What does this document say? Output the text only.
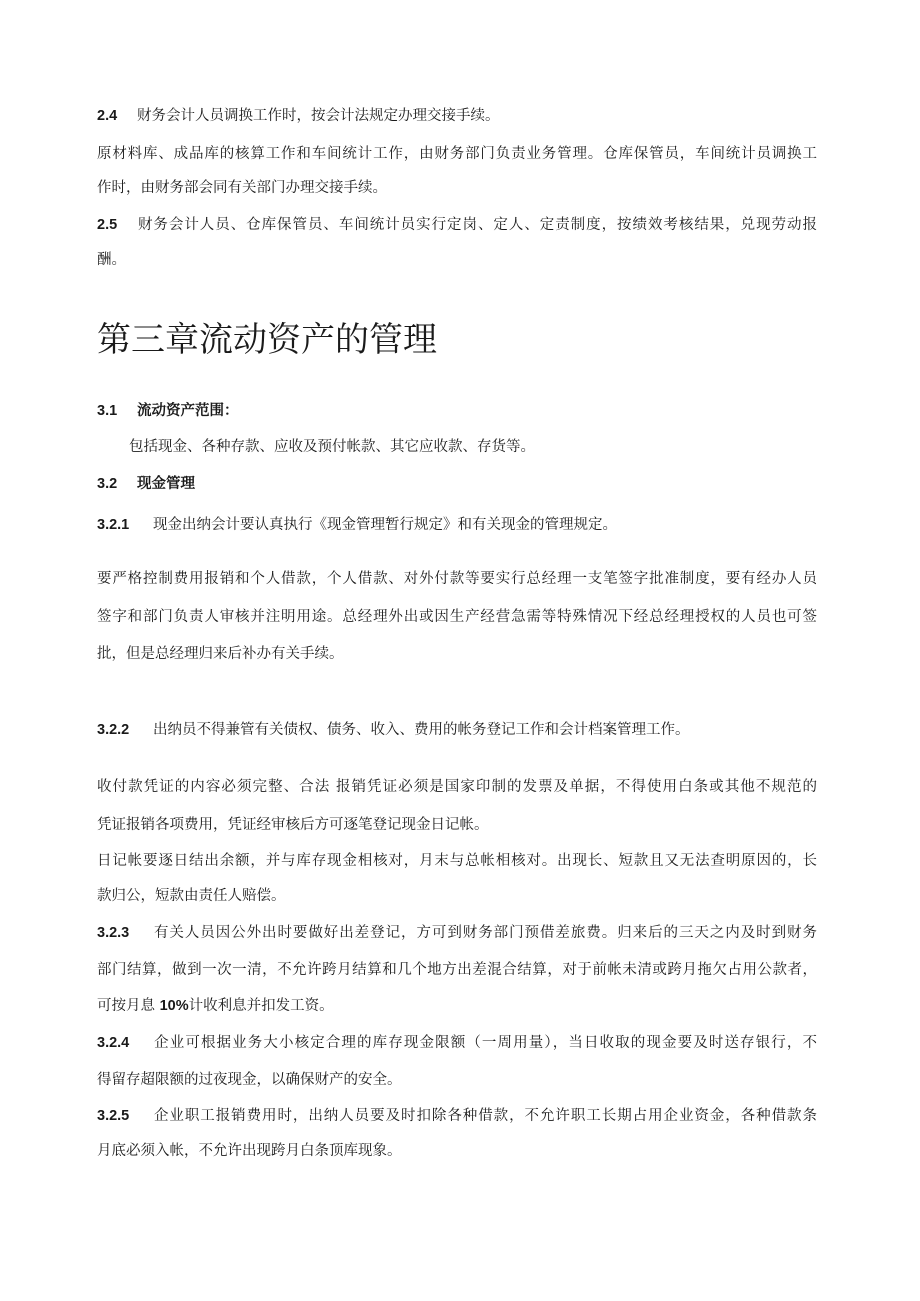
2.4 财务会计人员调换工作时，按会计法规定办理交接手续。
原材料库、成品库的核算工作和车间统计工作，由财务部门负责业务管理。仓库保管员，车间统计员调换工
作时，由财务部会同有关部门办理交接手续。
2.5 财务会计人员、仓库保管员、车间统计员实行定岗、定人、定责制度，按绩效考核结果，兑现劳动报
酬。
第三章流动资产的管理
3.1 流动资产范围：
包括现金、各种存款、应收及预付帐款、其它应收款、存货等。
3.2 现金管理
3.2.1 现金出纳会计要认真执行《现金管理暂行规定》和有关现金的管理规定。
要严格控制费用报销和个人借款，个人借款、对外付款等要实行总经理一支笔签字批准制度，要有经办人员
签字和部门负责人审核并注明用途。总经理外出或因生产经营急需等特殊情况下经总经理授权的人员也可签
批，但是总经理归来后补办有关手续。
3.2.2 出纳员不得兼管有关债权、债务、收入、费用的帐务登记工作和会计档案管理工作。
收付款凭证的内容必须完整、合法 报销凭证必须是国家印制的发票及单据，不得使用白条或其他不规范的
凭证报销各项费用，凭证经审核后方可逐笔登记现金日记帐。
日记帐要逐日结出余额，并与库存现金相核对，月末与总帐相核对。出现长、短款且又无法查明原因的，长
款归公，短款由责任人赔偿。
3.2.3 有关人员因公外出时要做好出差登记，方可到财务部门预借差旅费。归来后的三天之内及时到财务
部门结算，做到一次一清，不允许跨月结算和几个地方出差混合结算，对于前帐未清或跨月拖欠占用公款者，
可按月息 10%计收利息并扣发工资。
3.2.4 企业可根据业务大小核定合理的库存现金限额（一周用量），当日收取的现金要及时送存银行，不
得留存超限额的过夜现金，以确保财产的安全。
3.2.5 企业职工报销费用时，出纳人员要及时扣除各种借款，不允许职工长期占用企业资金，各种借款条
月底必须入帐，不允许出现跨月白条顶库现象。
